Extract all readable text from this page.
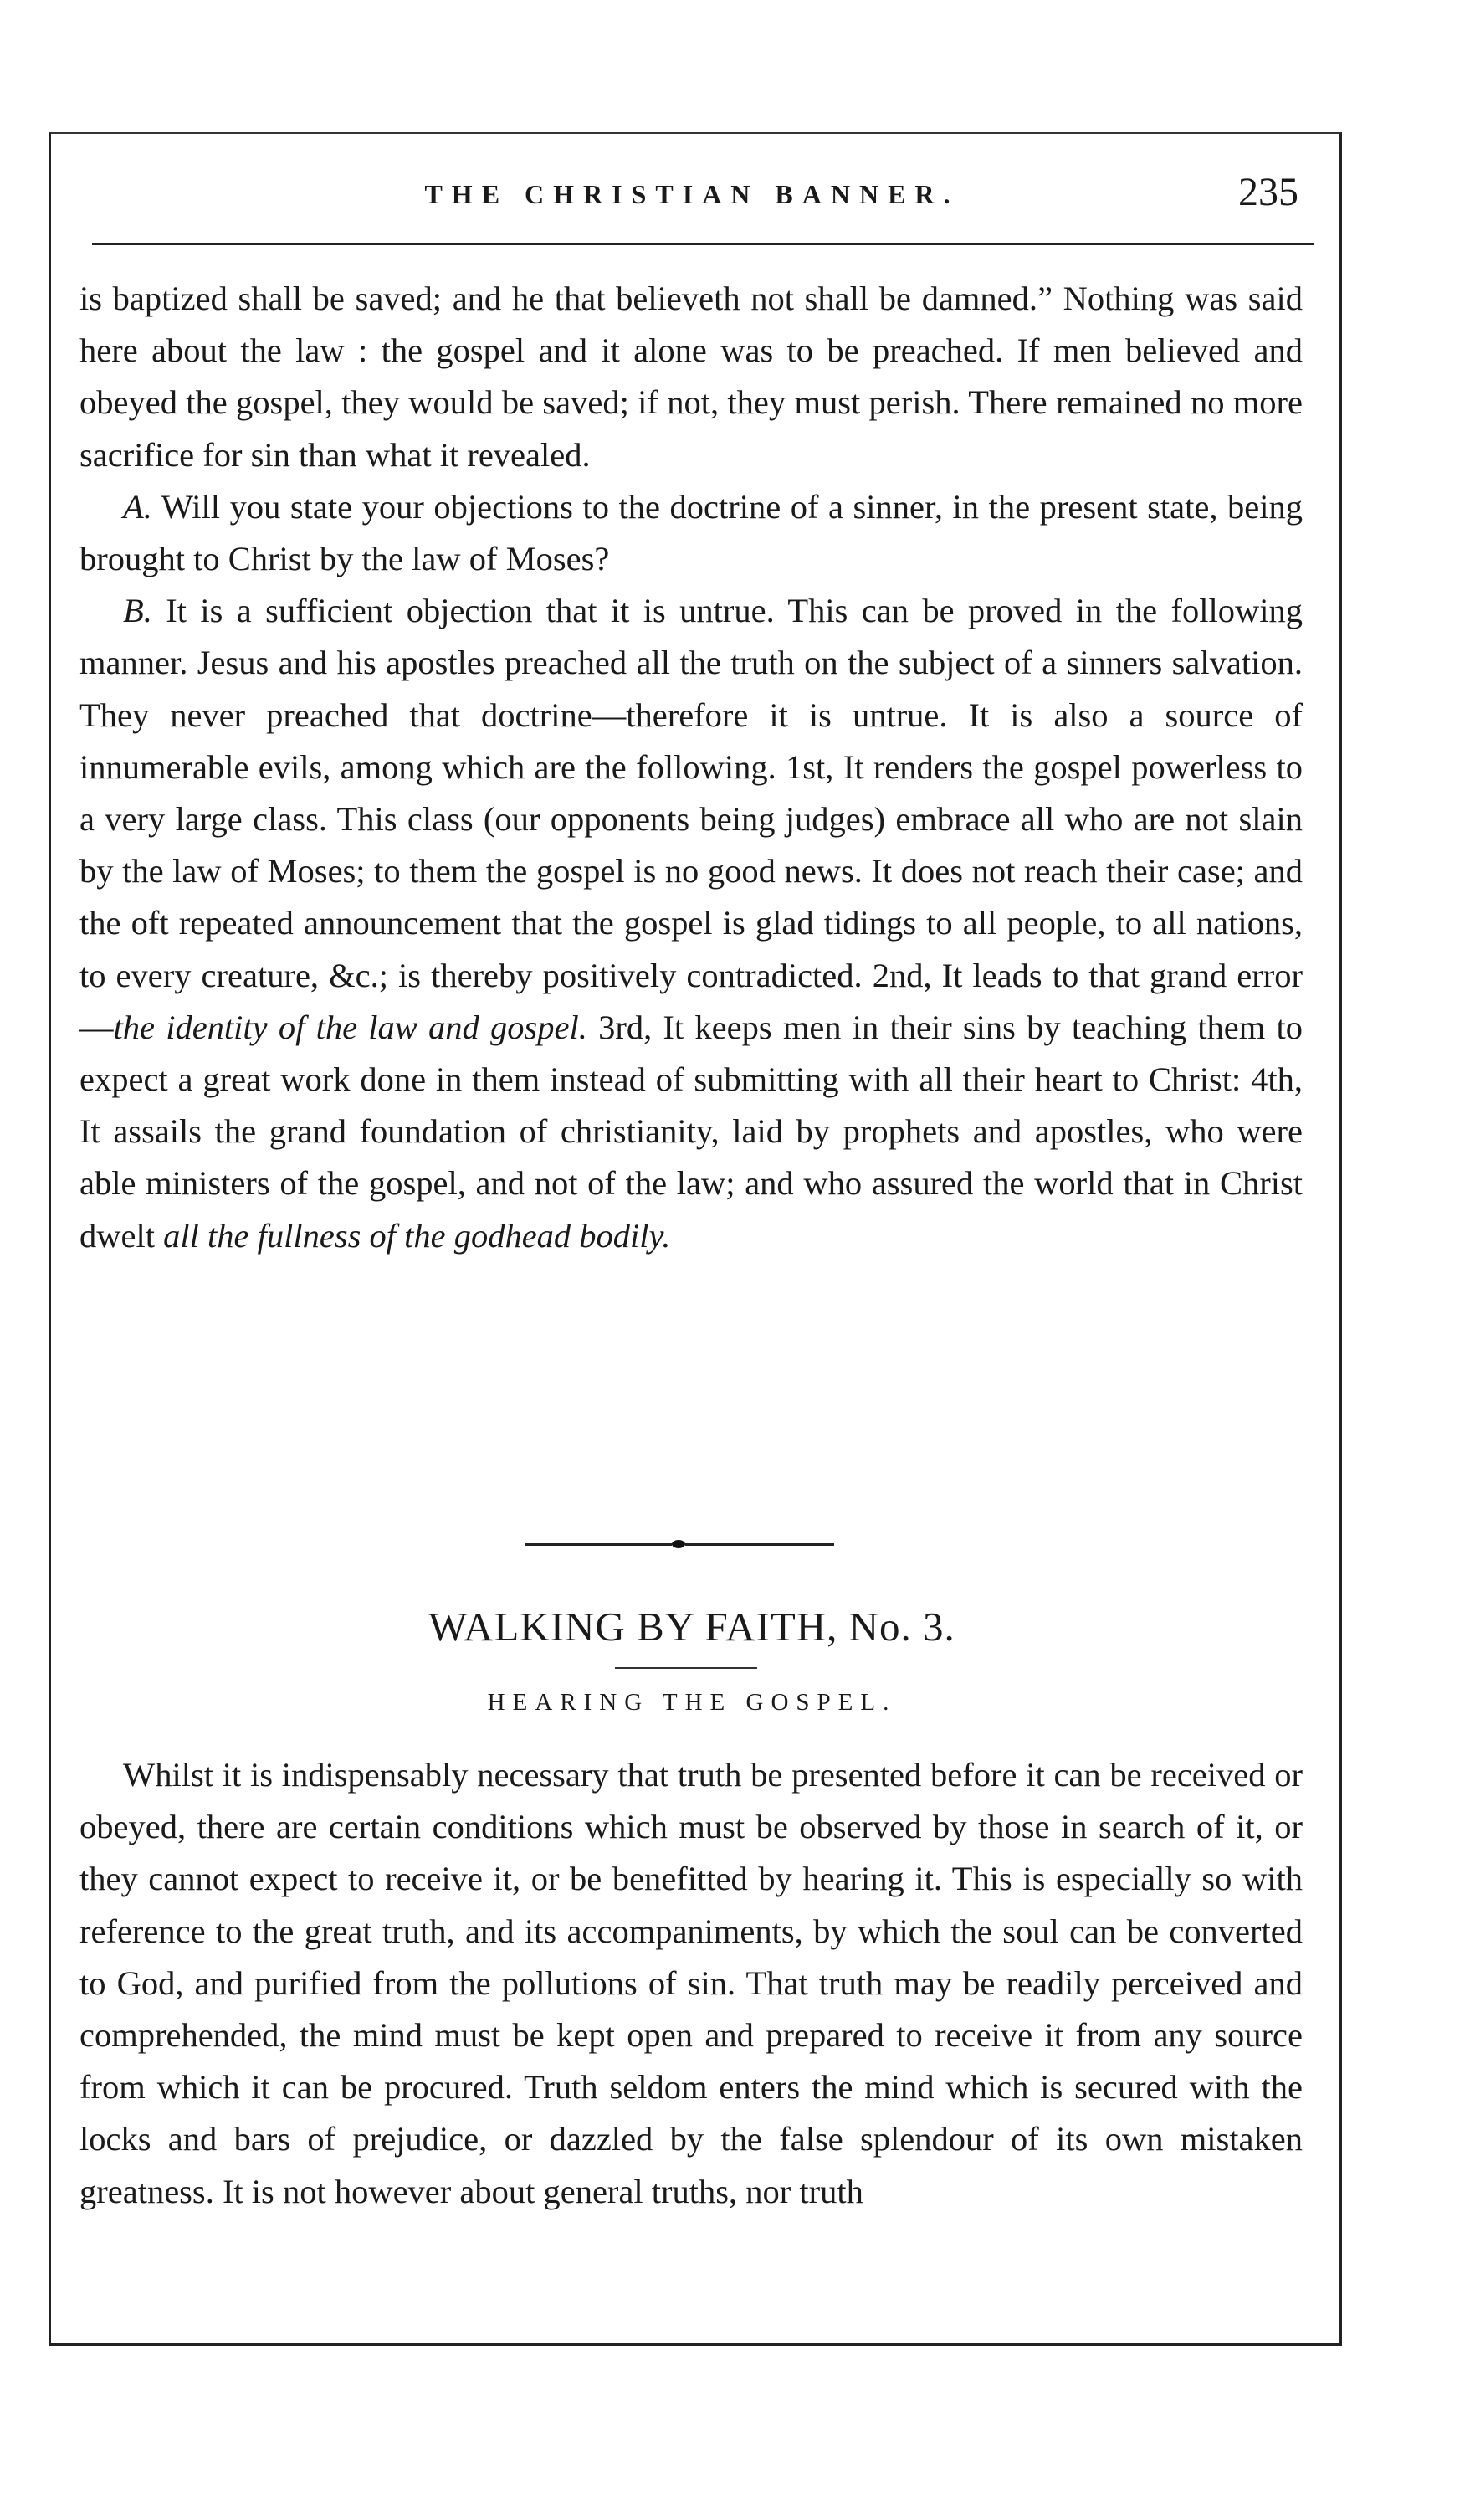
THE CHRISTIAN BANNER.	235

is baptized shall be saved; and he that believeth not shall be damned.” Nothing was said here about the law : the gospel and it alone was to be preached. If men believed and obeyed the gospel, they would be saved; if not, they must perish. There remained no more sacrifice for sin than what it revealed.

A. Will you state your objections to the doctrine of a sinner, in the present state, being brought to Christ by the law of Moses?

B. It is a sufficient objection that it is untrue. This can be proved in the following manner. Jesus and his apostles preached all the truth on the subject of a sinners salvation. They never preached that doctrine—therefore it is untrue. It is also a source of innumerable evils, among which are the following. 1st, It renders the gospel powerless to a very large class. This class (our opponents being judges) embrace all who are not slain by the law of Moses; to them the gospel is no good news. It does not reach their case; and the oft repeated announcement that the gospel is glad tidings to all people, to all nations, to every creature, &c.; is thereby positively contradicted. 2nd, It leads to that grand error—the identity of the law and gospel. 3rd, It keeps men in their sins by teaching them to expect a great work done in them instead of submitting with all their heart to Christ: 4th, It assails the grand foundation of christianity, laid by prophets and apostles, who were able ministers of the gospel, and not of the law; and who assured the world that in Christ dwelt all the fullness of the godhead bodily.

WALKING BY FAITH, No. 3.
HEARING THE GOSPEL.

Whilst it is indispensably necessary that truth be presented before it can be received or obeyed, there are certain conditions which must be observed by those in search of it, or they cannot expect to receive it, or be benefitted by hearing it. This is especially so with reference to the great truth, and its accompaniments, by which the soul can be converted to God, and purified from the pollutions of sin. That truth may be readily perceived and comprehended, the mind must be kept open and prepared to receive it from any source from which it can be procured. Truth seldom enters the mind which is secured with the locks and bars of prejudice, or dazzled by the false splendour of its own mistaken greatness. It is not however about general truths, nor truth
